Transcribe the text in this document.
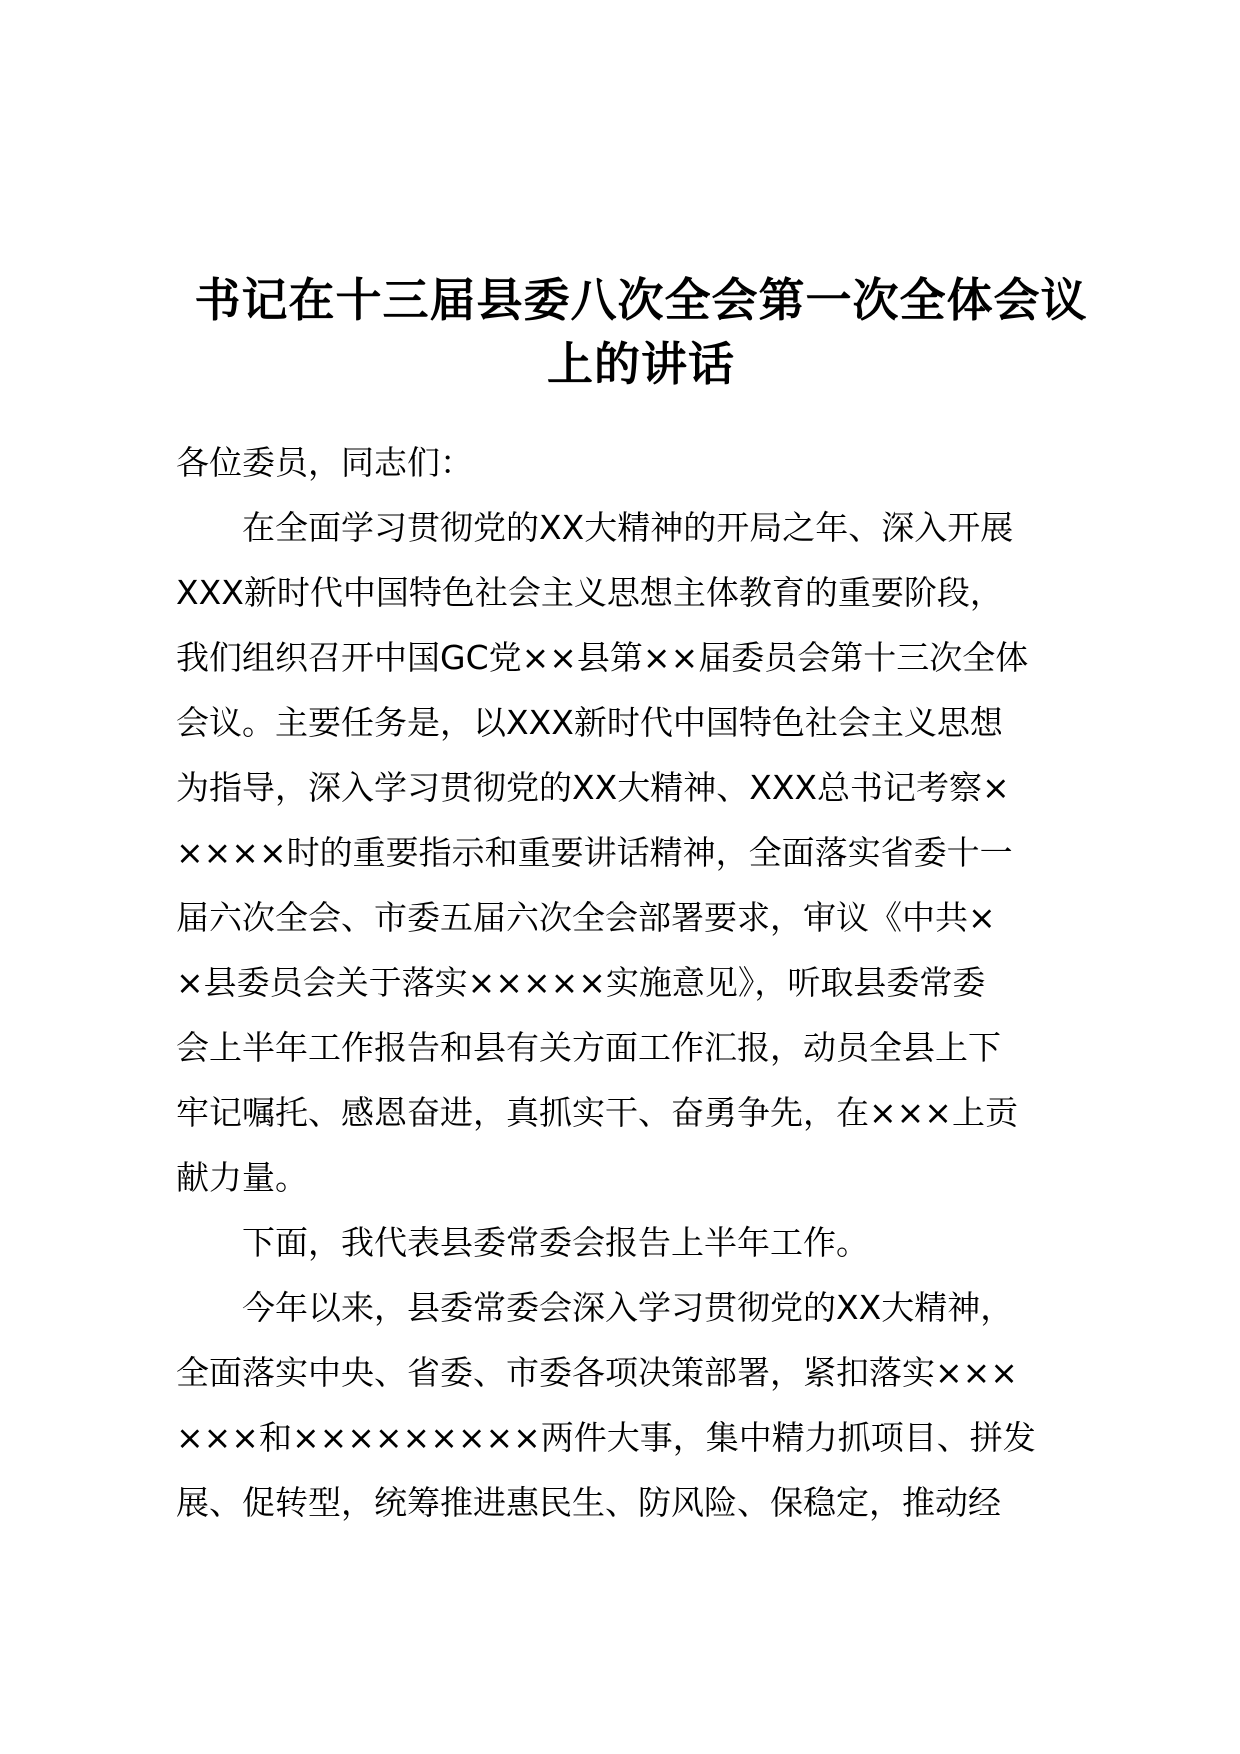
书记在十三届县委八次全会第一次全体会议
上的讲话
各位委员，同志们：
在全面学习贯彻党的XX大精神的开局之年、深入开展
XXX新时代中国特色社会主义思想主体教育的重要阶段，
我们组织召开中国GC党××县第××届委员会第十三次全体
会议。主要任务是，以XXX新时代中国特色社会主义思想
为指导，深入学习贯彻党的XX大精神、XXX总书记考察×
××××时的重要指示和重要讲话精神，全面落实省委十一
届六次全会、市委五届六次全会部署要求，审议《中共×
×县委员会关于落实×××××实施意见》，听取县委常委
会上半年工作报告和县有关方面工作汇报，动员全县上下
牢记嘱托、感恩奋进，真抓实干、奋勇争先，在×××上贡
献力量。
下面，我代表县委常委会报告上半年工作。
今年以来，县委常委会深入学习贯彻党的XX大精神，
全面落实中央、省委、市委各项决策部署，紧扣落实×××
×××和×××××××××两件大事，集中精力抓项目、拼发
展、促转型，统筹推进惠民生、防风险、保稳定，推动经
